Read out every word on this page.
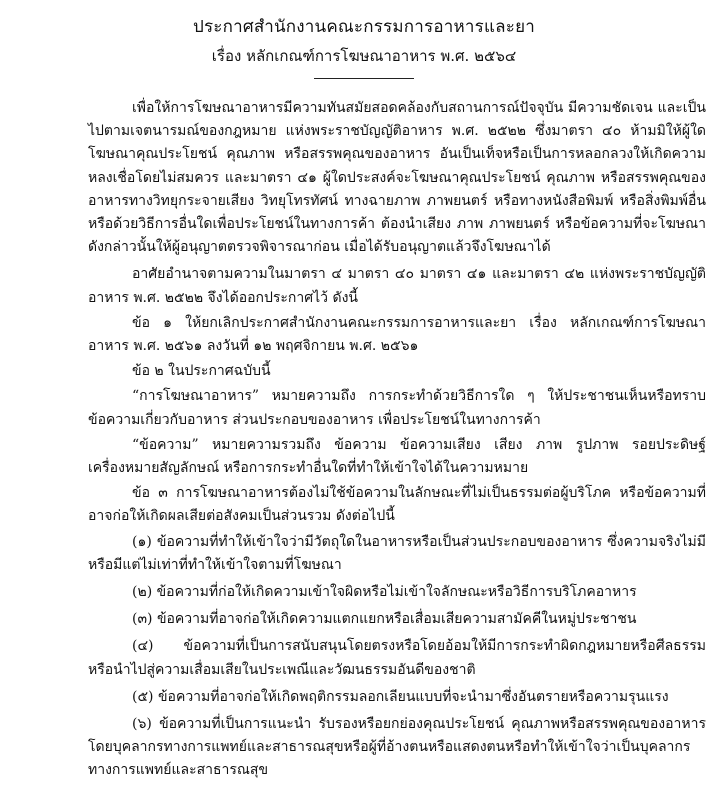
ประกาศสำนักงานคณะกรรมการอาหารและยา
เรื่อง หลักเกณฑ์การโฆษณาอาหาร พ.ศ. ๒๕๖๔

เพื่อให้การโฆษณาอาหารมีความทันสมัยสอดคล้องกับสถานการณ์ปัจจุบัน มีความชัดเจน และเป็นไปตามเจตนารมณ์ของกฎหมาย แห่งพระราชบัญญัติอาหาร พ.ศ. ๒๕๒๒ ซึ่งมาตรา ๔๐ ห้ามมิให้ผู้ใดโฆษณาคุณประโยชน์ คุณภาพ หรือสรรพคุณของอาหาร อันเป็นเท็จหรือเป็นการหลอกลวงให้เกิดความหลงเชื่อโดยไม่สมควร และมาตรา ๔๑ ผู้ใดประสงค์จะโฆษณาคุณประโยชน์ คุณภาพ หรือสรรพคุณของอาหารทางวิทยุกระจายเสียง วิทยุโทรทัศน์ ทางฉายภาพ ภาพยนตร์ หรือทางหนังสือพิมพ์ หรือสิ่งพิมพ์อื่น หรือด้วยวิธีการอื่นใดเพื่อประโยชน์ในทางการค้า ต้องนำเสียง ภาพ ภาพยนตร์ หรือข้อความที่จะโฆษณาดังกล่าวนั้นให้ผู้อนุญาตตรวจพิจารณาก่อน เมื่อได้รับอนุญาตแล้วจึงโฆษณาได้

อาศัยอำนาจตามความในมาตรา ๔ มาตรา ๔๐ มาตรา ๔๑ และมาตรา ๔๒ แห่งพระราชบัญญัติอาหาร พ.ศ. ๒๕๒๒ จึงได้ออกประกาศไว้ ดังนี้

ข้อ ๑ ให้ยกเลิกประกาศสำนักงานคณะกรรมการอาหารและยา เรื่อง หลักเกณฑ์การโฆษณาอาหาร พ.ศ. ๒๕๖๑ ลงวันที่ ๑๒ พฤศจิกายน พ.ศ. ๒๕๖๑

ข้อ ๒ ในประกาศฉบับนี้

“การโฆษณาอาหาร” หมายความถึง การกระทำด้วยวิธีการใด ๆ ให้ประชาชนเห็นหรือทราบข้อความเกี่ยวกับอาหาร ส่วนประกอบของอาหาร เพื่อประโยชน์ในทางการค้า

“ข้อความ” หมายความรวมถึง ข้อความ ข้อความเสียง เสียง ภาพ รูปภาพ รอยประดิษฐ์ เครื่องหมายสัญลักษณ์ หรือการกระทำอื่นใดที่ทำให้เข้าใจได้ในความหมาย

ข้อ ๓ การโฆษณาอาหารต้องไม่ใช้ข้อความในลักษณะที่ไม่เป็นธรรมต่อผู้บริโภค หรือข้อความที่อาจก่อให้เกิดผลเสียต่อสังคมเป็นส่วนรวม ดังต่อไปนี้

(๑) ข้อความที่ทำให้เข้าใจว่ามีวัตถุใดในอาหารหรือเป็นส่วนประกอบของอาหาร ซึ่งความจริงไม่มีหรือมีแต่ไม่เท่าที่ทำให้เข้าใจตามที่โฆษณา

(๒) ข้อความที่ก่อให้เกิดความเข้าใจผิดหรือไม่เข้าใจลักษณะหรือวิธีการบริโภคอาหาร

(๓) ข้อความที่อาจก่อให้เกิดความแตกแยกหรือเสื่อมเสียความสามัคคีในหมู่ประชาชน

(๔) ข้อความที่เป็นการสนับสนุนโดยตรงหรือโดยอ้อมให้มีการกระทำผิดกฎหมายหรือศีลธรรม หรือนำไปสู่ความเสื่อมเสียในประเพณีและวัฒนธรรมอันดีของชาติ

(๕) ข้อความที่อาจก่อให้เกิดพฤติกรรมลอกเลียนแบบที่จะนำมาซึ่งอันตรายหรือความรุนแรง

(๖) ข้อความที่เป็นการแนะนำ รับรองหรือยกย่องคุณประโยชน์ คุณภาพหรือสรรพคุณของอาหารโดยบุคลากรทางการแพทย์และสาธารณสุขหรือผู้ที่อ้างตนหรือแสดงตนหรือทำให้เข้าใจว่าเป็นบุคลากรทางการแพทย์และสาธารณสุข
